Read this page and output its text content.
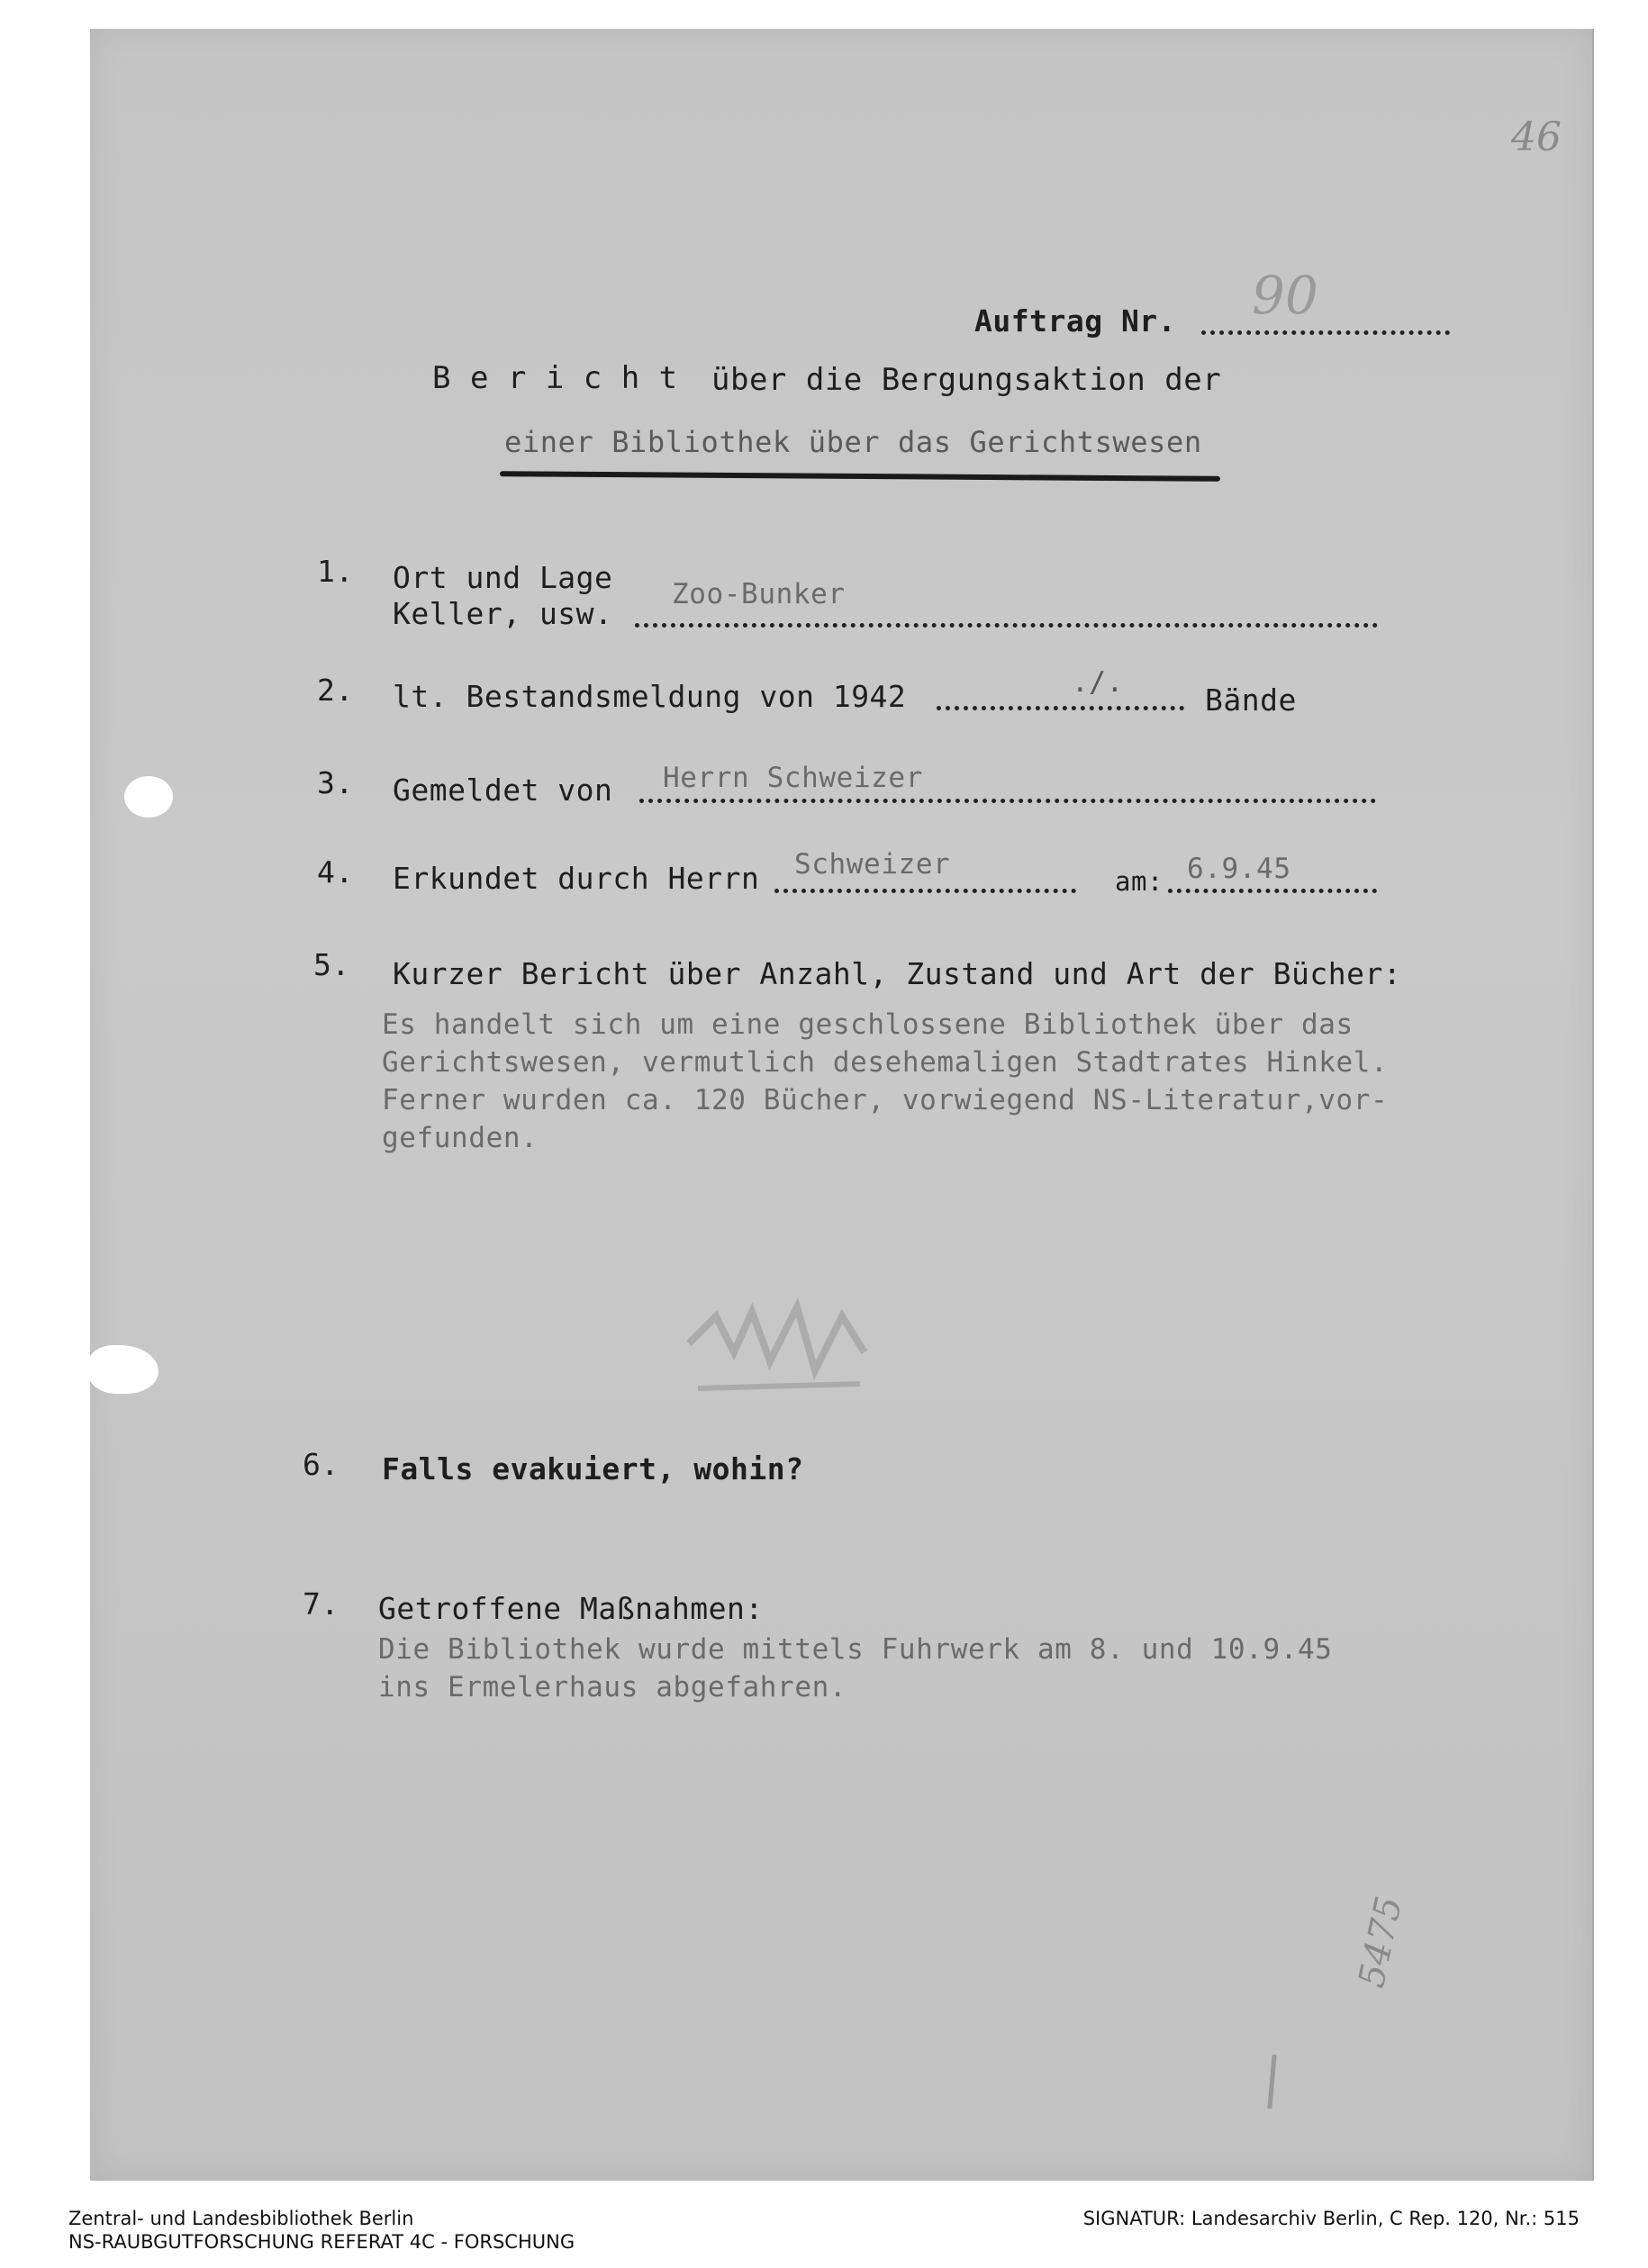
46
Auftrag Nr. 90
B e r i c h t über die Bergungsaktion der
einer Bibliothek über das Gerichtswesen
1. Ort und Lage
Keller, usw.
Zoo-Bunker
2. lt. Bestandsmeldung von 1942	./.	Bände
3. Gemeldet von Herrn Schweizer
4. Erkundet durch Herrn Schweizer
am: 6.9.45
5. Kurzer Bericht über Anzahl, Zustand und Art der Bücher:
Es handelt sich um eine geschlossene Bibliothek über das
Gerichtswesen, vermutlich desehemaligen Stadtrates Hinkel.
Ferner wurden ca. 120 Bücher, vorwiegend NS-Literatur,vor-
gefunden.
6. Falls evakuiert, wohin?
7. Getroffene Maßnahmen:
Die Bibliothek wurde mittels Fuhrwerk am 8. und 10.9.45
ins Ermelerhaus abgefahren.
5475
Zentral- und Landesbibliothek Berlin
NS-RAUBGUTFORSCHUNG REFERAT 4C - FORSCHUNG
SIGNATUR: Landesarchiv Berlin, C Rep. 120, Nr.: 515
